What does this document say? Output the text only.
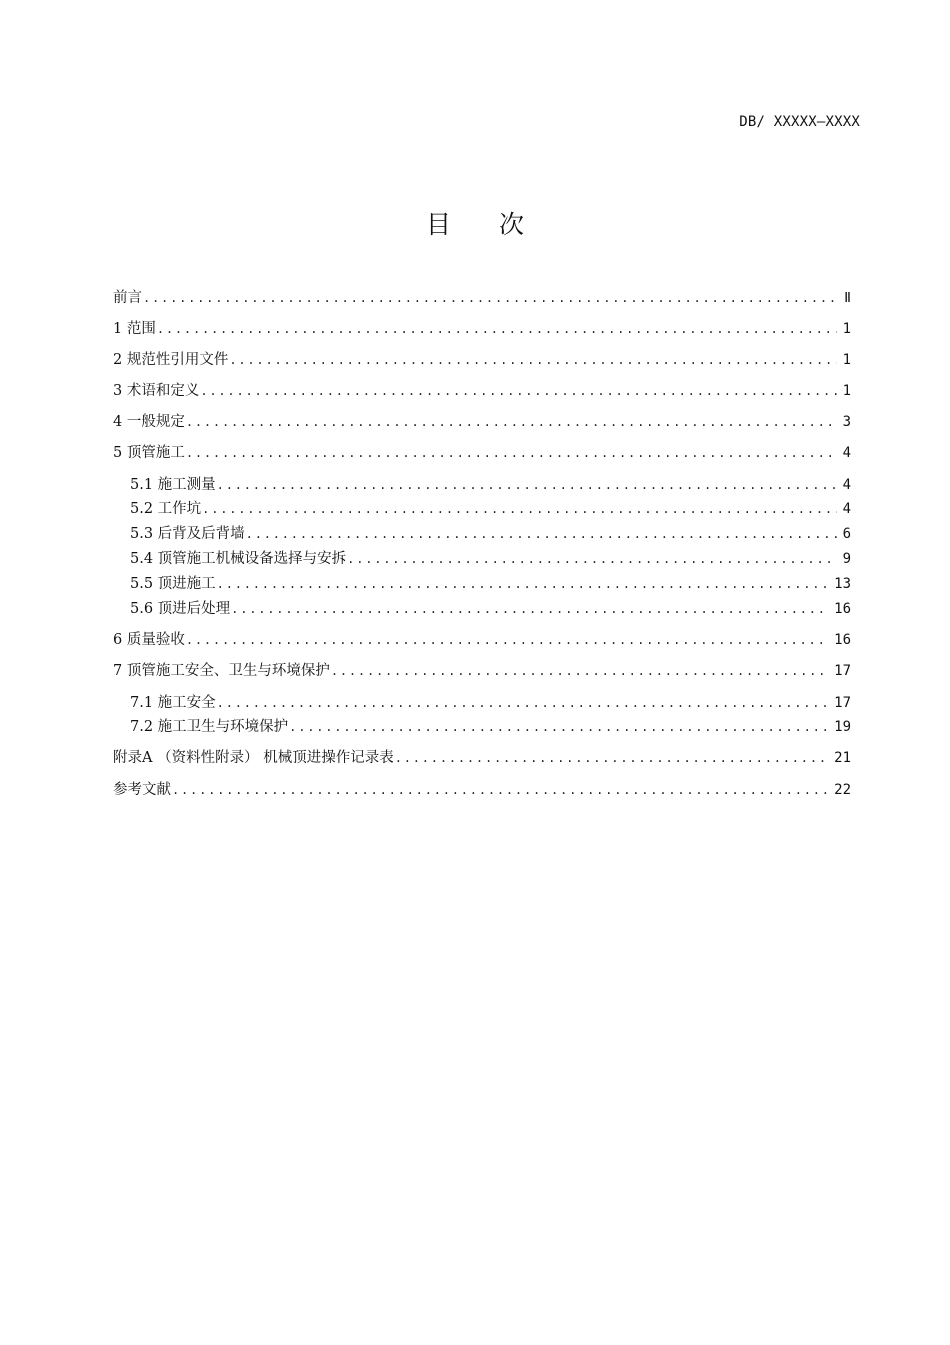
DB/ XXXXX—XXXX
目次
前言 .....	Ⅱ
1 范围 .....	1
2 规范性引用文件 .....	1
3 术语和定义 .....	1
4 一般规定 .....	3
5 顶管施工 .....	4
5.1 施工测量 .....	4
5.2 工作坑 .....	4
5.3 后背及后背墙 .....	6
5.4 顶管施工机械设备选择与安拆 .....	9
5.5 顶进施工 .....	13
5.6 顶进后处理 .....	16
6 质量验收 .....	16
7 顶管施工安全、卫生与环境保护 .....	17
7.1 施工安全 .....	17
7.2 施工卫生与环境保护 .....	19
附录A （资料性附录） 机械顶进操作记录表 .....	21
参考文献 .....	22
